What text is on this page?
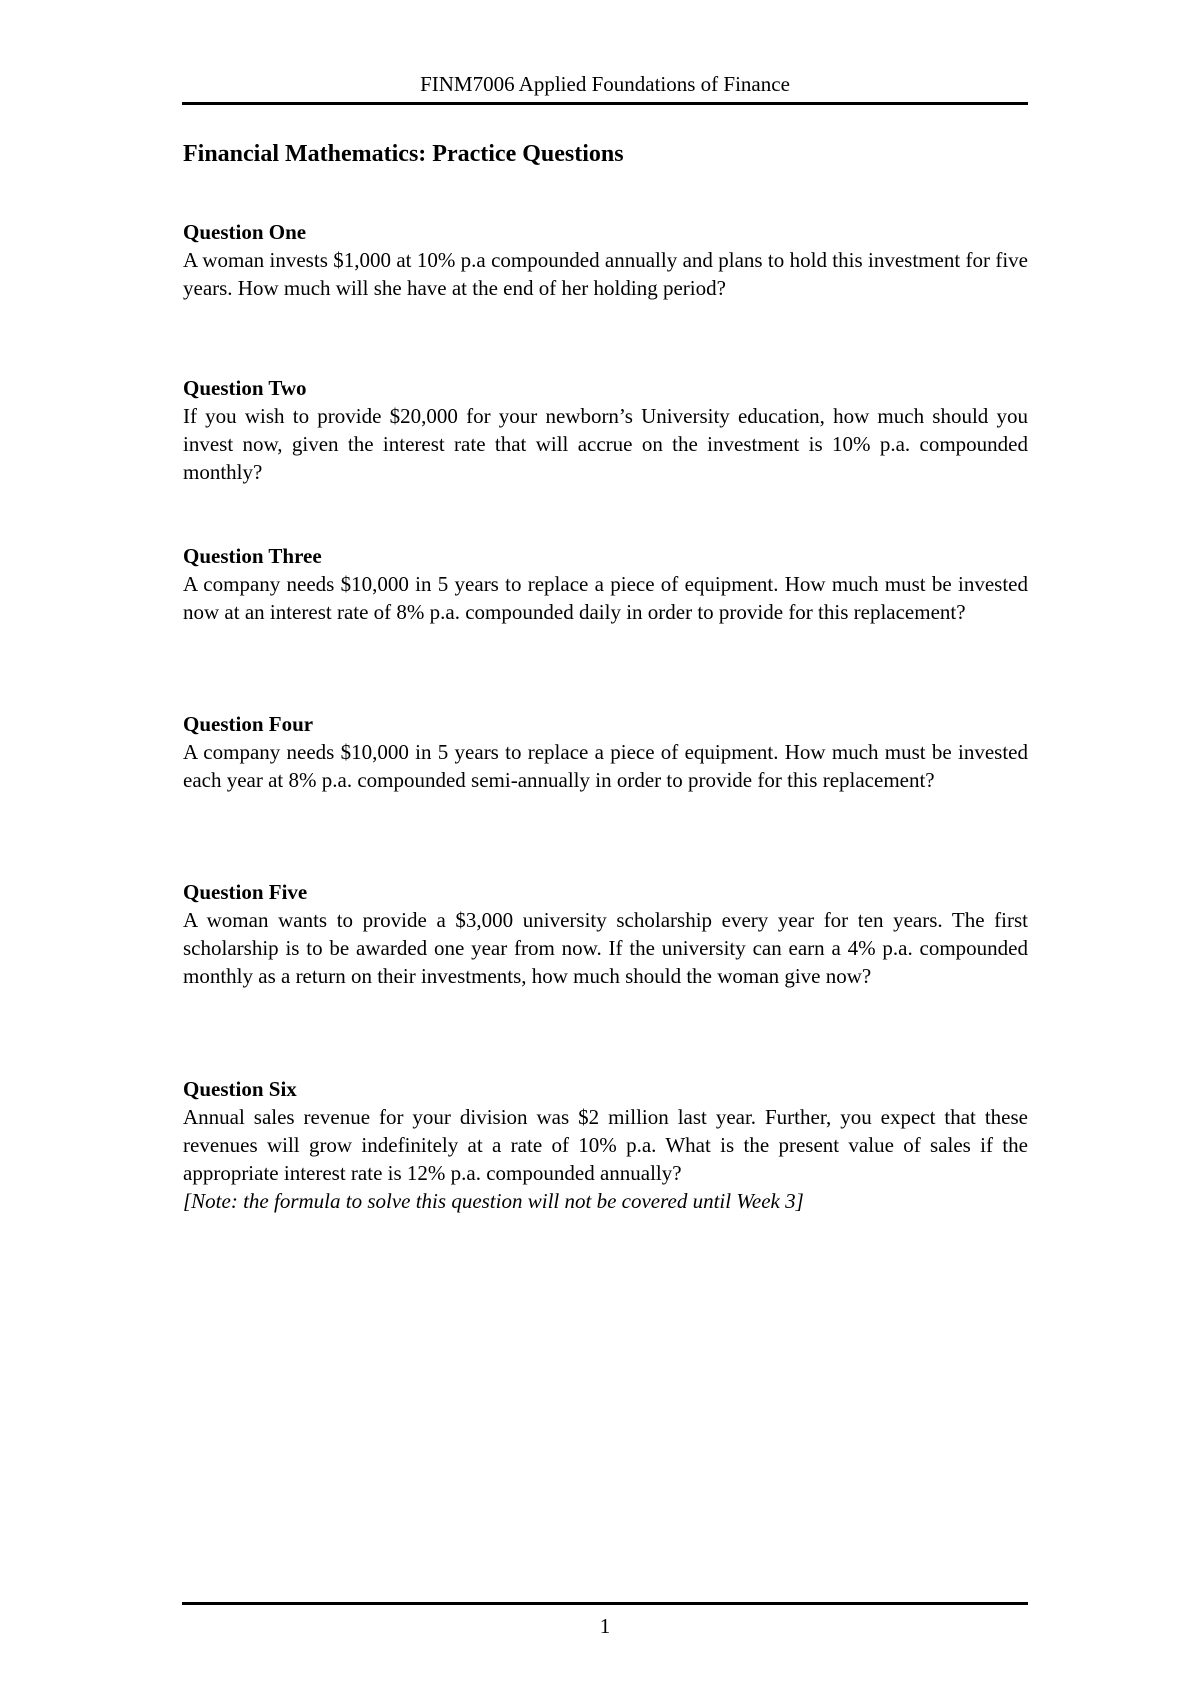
FINM7006 Applied Foundations of Finance
Financial Mathematics: Practice Questions
Question One
A woman invests $1,000 at 10% p.a compounded annually and plans to hold this investment for five years. How much will she have at the end of her holding period?
Question Two
If you wish to provide $20,000 for your newborn’s University education, how much should you invest now, given the interest rate that will accrue on the investment is 10% p.a. compounded monthly?
Question Three
A company needs $10,000 in 5 years to replace a piece of equipment. How much must be invested now at an interest rate of 8% p.a. compounded daily in order to provide for this replacement?
Question Four
A company needs $10,000 in 5 years to replace a piece of equipment. How much must be invested each year at 8% p.a. compounded semi-annually in order to provide for this replacement?
Question Five
A woman wants to provide a $3,000 university scholarship every year for ten years. The first scholarship is to be awarded one year from now. If the university can earn a 4% p.a. compounded monthly as a return on their investments, how much should the woman give now?
Question Six
Annual sales revenue for your division was $2 million last year. Further, you expect that these revenues will grow indefinitely at a rate of 10% p.a. What is the present value of sales if the appropriate interest rate is 12% p.a. compounded annually?
[Note: the formula to solve this question will not be covered until Week 3]
1
